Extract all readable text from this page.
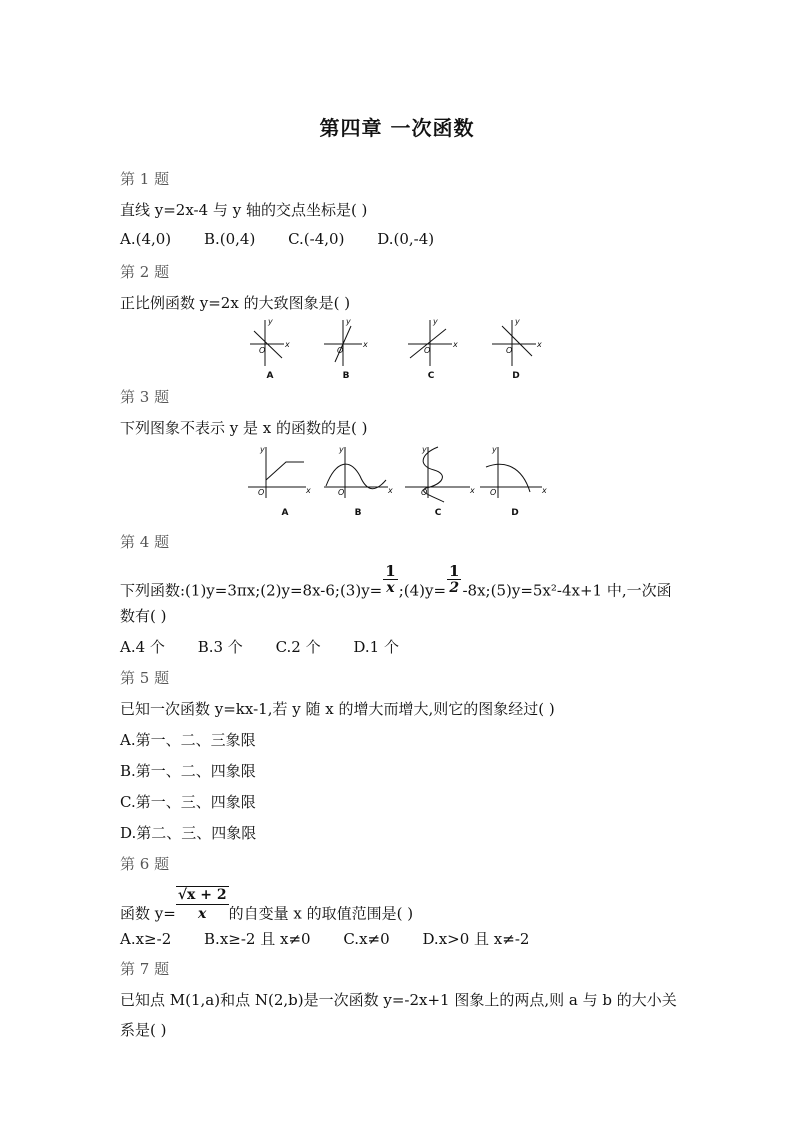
第四章 一次函数
第 1 题
直线 y=2x-4 与 y 轴的交点坐标是( )
A.(4,0) B.(0,4) C.(-4,0) D.(0,-4)
第 2 题
正比例函数 y=2x 的大致图象是( )
y
x
O
y
x
O
y
x
O
y
x
O
A	B	C	D
第 3 题
下列图象不表示 y 是 x 的函数的是( )
y
x
O
y
x
O
y
x
O
y
x
O
A	B	C	D
第 4 题
下列函数:(1)y=3πx;(2)y=8x-6;(3)y= $\frac{1}{x}$ ;(4)y= $\frac{1}{2}$ -8x;(5)y=5x²-4x+1 中,一次函
数有( )
A.4 个 B.3 个 C.2 个 D.1 个
第 5 题
已知一次函数 y=kx-1,若 y 随 x 的增大而增大,则它的图象经过( )
A.第一、二、三象限
B.第一、二、四象限
C.第一、三、四象限
D.第二、三、四象限
第 6 题
函数 $y= \frac{√x + 2}{x}$ 的自变量 x 的取值范围是( )
A.x≥-2 B.x≥-2 且 x≠0 C.x≠0 D.x>0 且 x≠-2
第 7 题
已知点 M(1,a)和点 N(2,b)是一次函数 y=-2x+1 图象上的两点,则 a 与 b 的大小关
系是( )
